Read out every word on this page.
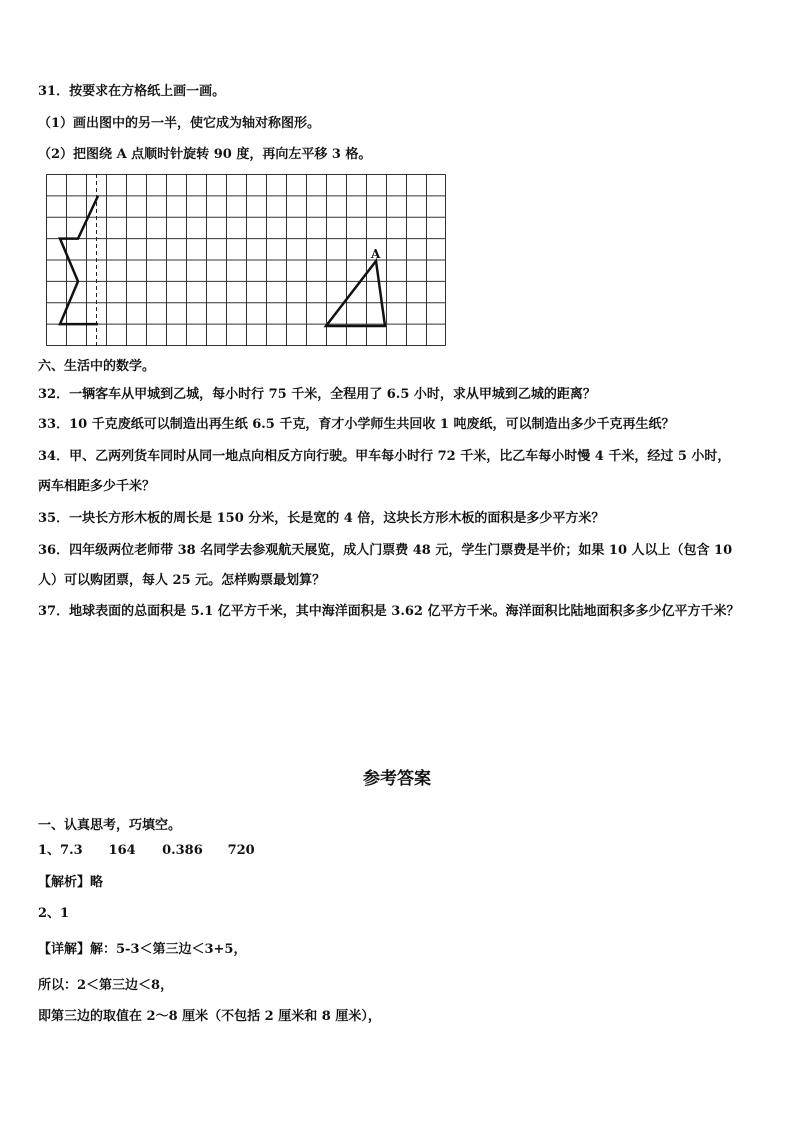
31．按要求在方格纸上画一画。
（1）画出图中的另一半，使它成为轴对称图形。
（2）把图绕 A 点顺时针旋转 90 度，再向左平移 3 格。
A
六、生活中的数学。
32．一辆客车从甲城到乙城，每小时行 75 千米，全程用了 6.5 小时，求从甲城到乙城的距离？
33．10 千克废纸可以制造出再生纸 6.5 千克，育才小学师生共回收 1 吨废纸，可以制造出多少千克再生纸？
34．甲、乙两列货车同时从同一地点向相反方向行驶。甲车每小时行 72 千米，比乙车每小时慢 4 千米，经过 5 小时，
两车相距多少千米？
35．一块长方形木板的周长是 150 分米，长是宽的 4 倍，这块长方形木板的面积是多少平方米？
36．四年级两位老师带 38 名同学去参观航天展览，成人门票费 48 元，学生门票费是半价；如果 10 人以上（包含 10
人）可以购团票，每人 25 元。怎样购票最划算？
37．地球表面的总面积是 5.1 亿平方千米，其中海洋面积是 3.62 亿平方千米。海洋面积比陆地面积多多少亿平方千米？
参考答案
一、认真思考，巧填空。
1、7.3 164 0.386 720
【解析】略
2、1
【详解】解：5-3＜第三边＜3+5，
所以：2＜第三边＜8，
即第三边的取值在 2～8 厘米（不包括 2 厘米和 8 厘米），
